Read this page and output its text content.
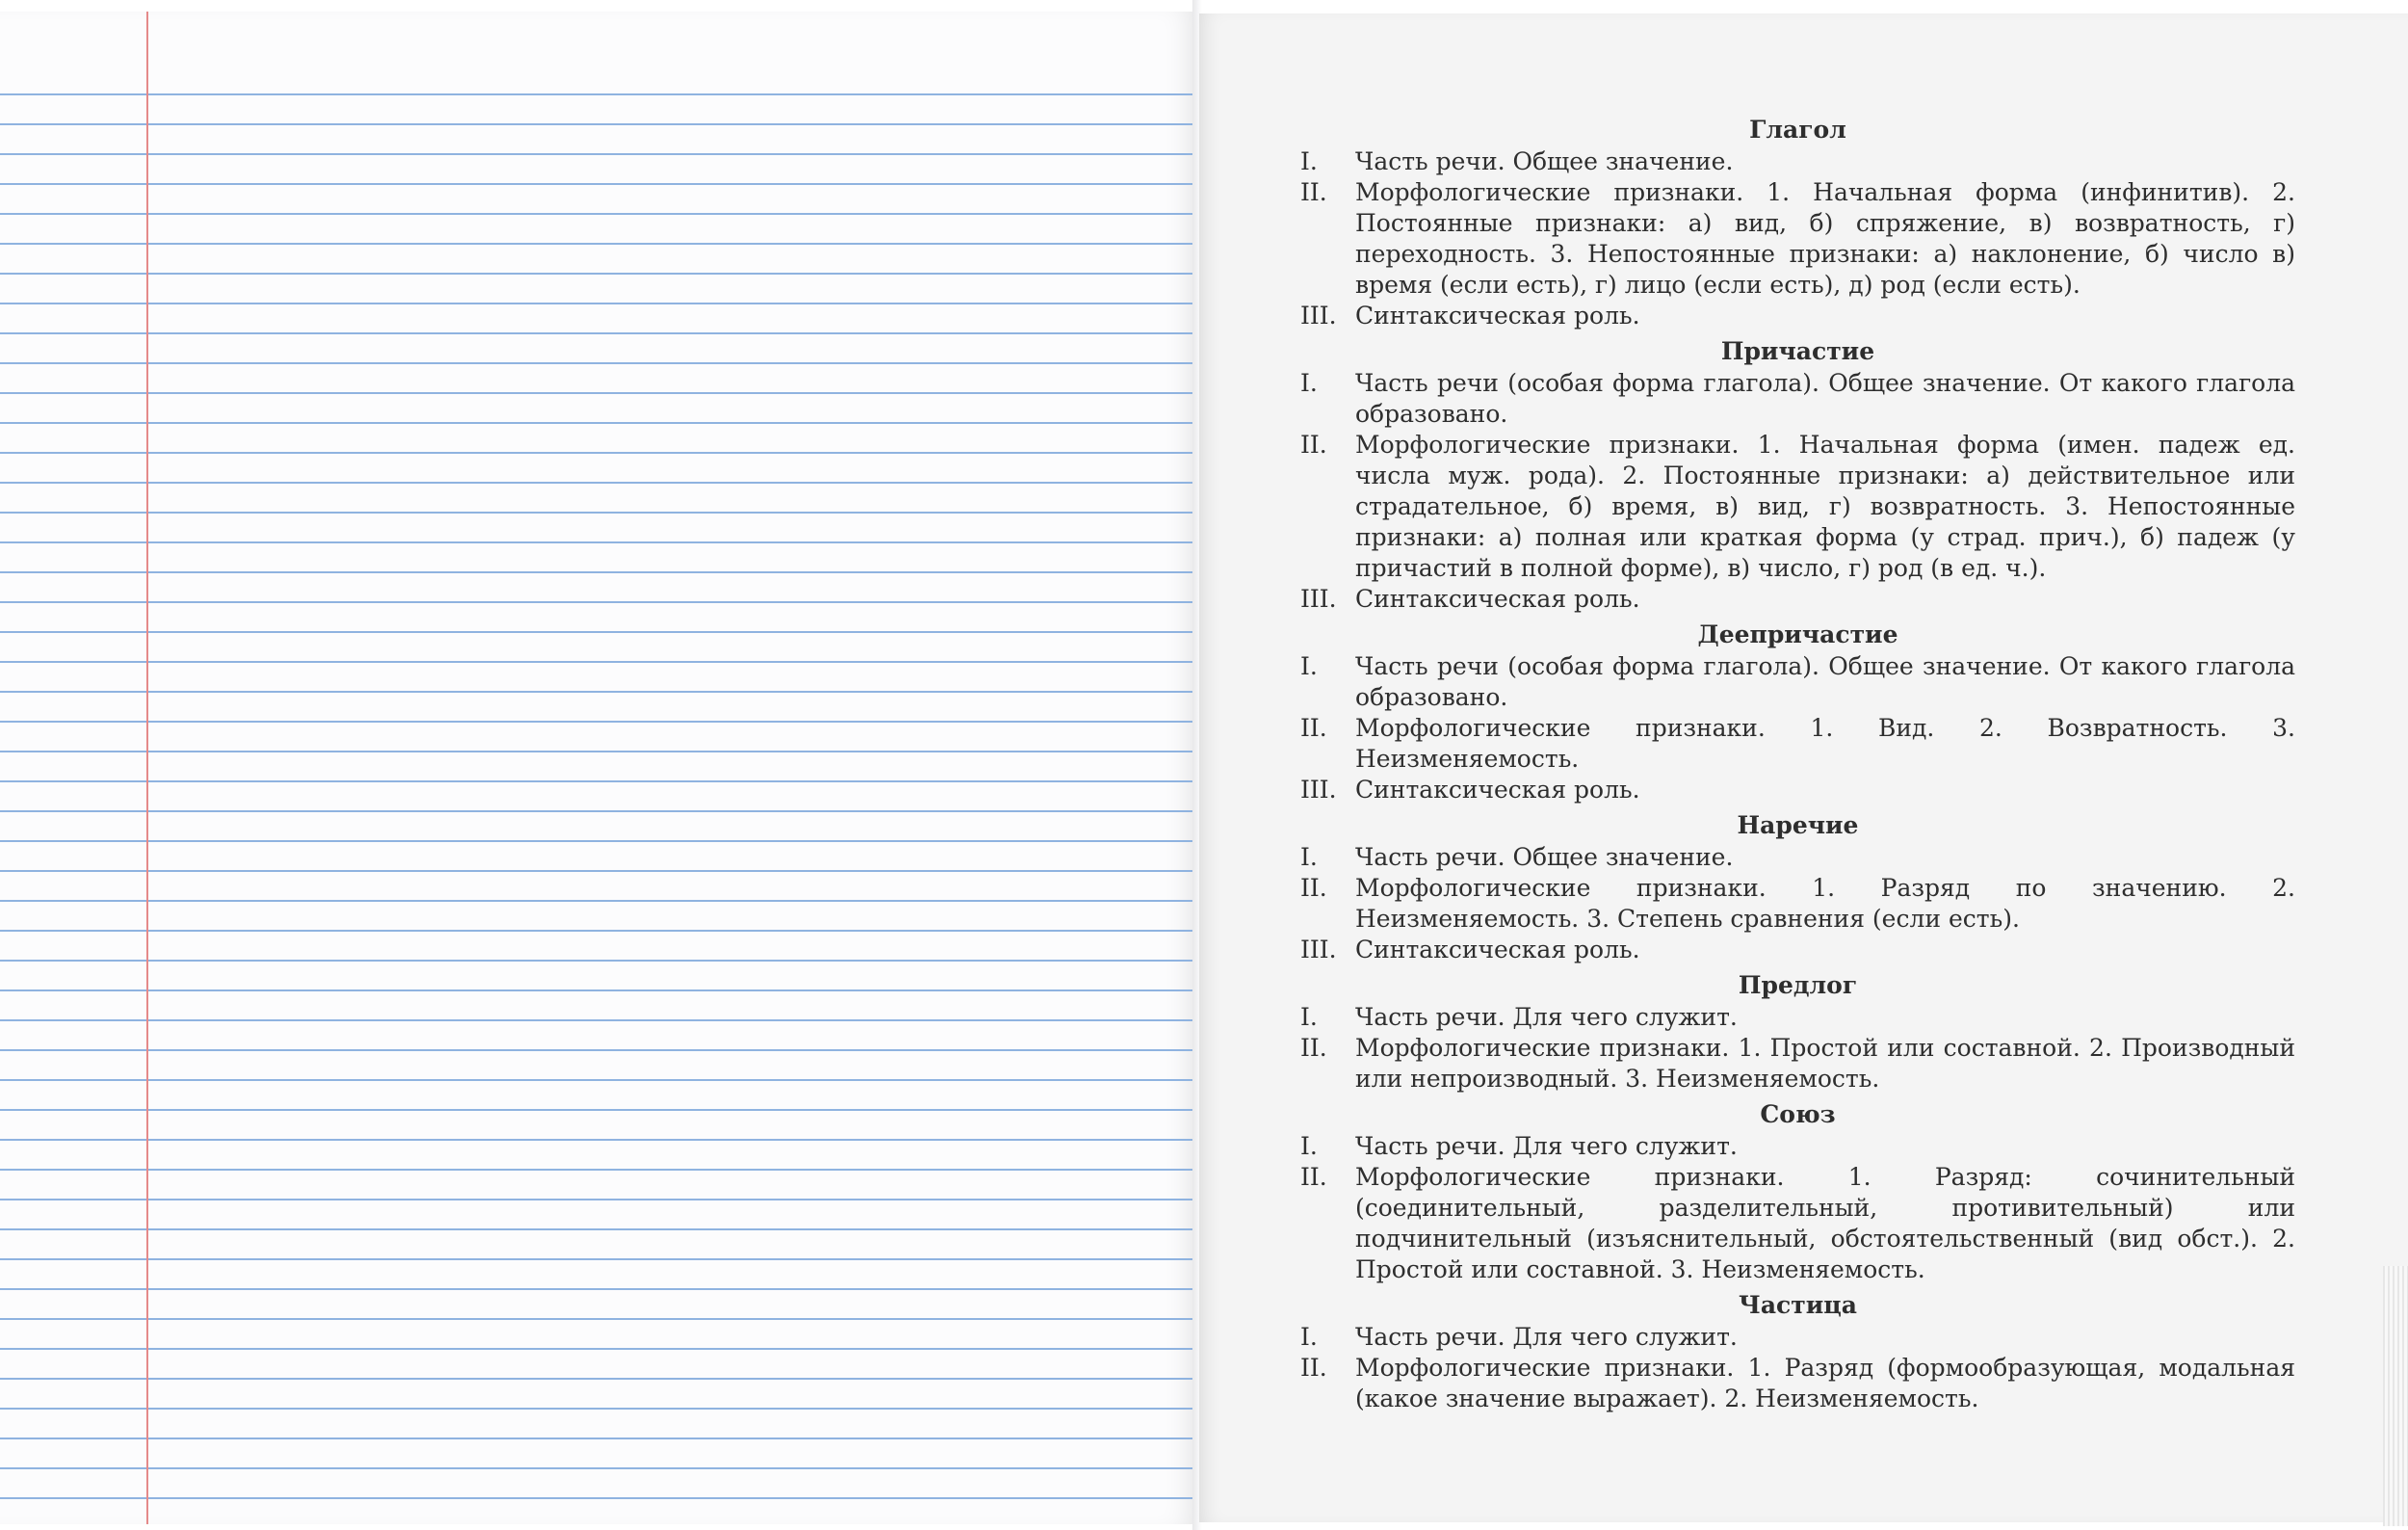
Глагол
I.	Часть речи. Общее значение.
II.	Морфологические признаки. 1. Начальная форма (инфинитив). 2. Постоянные признаки: а) вид, б) спряжение, в) возвратность, г) переходность. 3. Непостоянные признаки: а) наклонение, б) число в) время (если есть), г) лицо (если есть), д) род (если есть).
III. Синтаксическая роль.
Причастие
I.	Часть речи (особая форма глагола). Общее значение. От какого глагола образовано.
II.	Морфологические признаки. 1. Начальная форма (имен. падеж ед. числа муж. рода). 2. Постоянные признаки: а) действительное или страдательное, б) время, в) вид, г) возвратность. 3. Непостоянные признаки: а) полная или краткая форма (у страд. прич.), б) падеж (у причастий в полной форме), в) число, г) род (в ед. ч.).
III. Синтаксическая роль.
Деепричастие
I.	Часть речи (особая форма глагола). Общее значение. От какого глагола образовано.
II.	Морфологические признаки. 1. Вид. 2. Возвратность. 3. Неизменяемость.
III. Синтаксическая роль.
Наречие
I.	Часть речи. Общее значение.
II.	Морфологические признаки. 1. Разряд по значению. 2. Неизменяемость. 3. Степень сравнения (если есть).
III. Синтаксическая роль.
Предлог
I.	Часть речи. Для чего служит.
II.	Морфологические признаки. 1. Простой или составной. 2. Производный или непроизводный. 3. Неизменяемость.
Союз
I.	Часть речи. Для чего служит.
II.	Морфологические признаки. 1. Разряд: сочинительный (соединительный, разделительный, противительный) или подчинительный (изъяснительный, обстоятельственный (вид обст.). 2. Простой или составной. 3. Неизменяемость.
Частица
I.	Часть речи. Для чего служит.
II.	Морфологические признаки. 1. Разряд (формообразующая, модальная (какое значение выражает). 2. Неизменяемость.
